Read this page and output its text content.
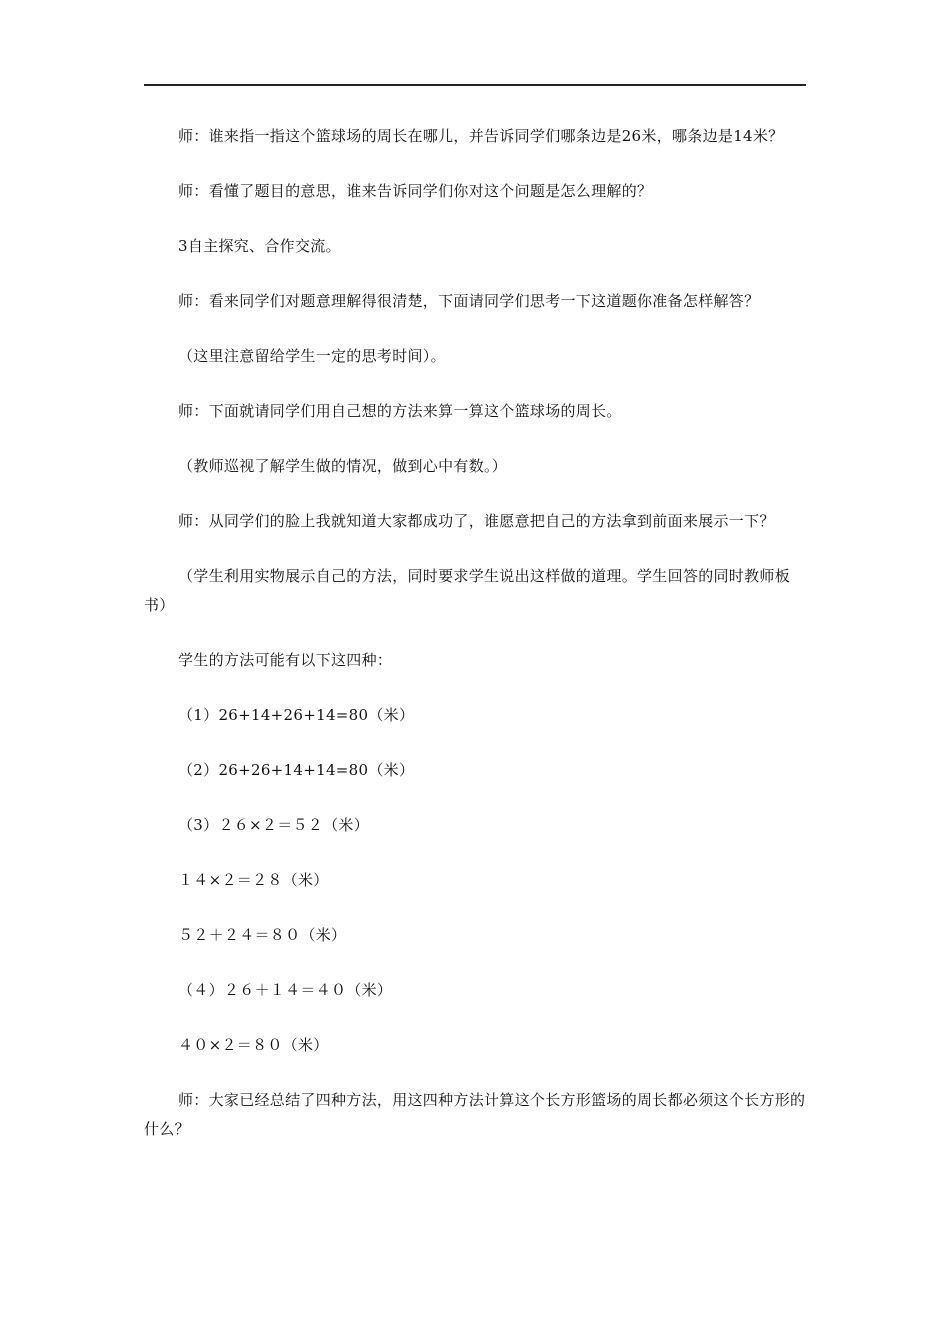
师：谁来指一指这个篮球场的周长在哪儿，并告诉同学们哪条边是26米，哪条边是14米？

师：看懂了题目的意思，谁来告诉同学们你对这个问题是怎么理解的？

3自主探究、合作交流。

师：看来同学们对题意理解得很清楚，下面请同学们思考一下这道题你准备怎样解答？

（这里注意留给学生一定的思考时间）。

师：下面就请同学们用自己想的方法来算一算这个篮球场的周长。

（教师巡视了解学生做的情况，做到心中有数。）

师：从同学们的脸上我就知道大家都成功了，谁愿意把自己的方法拿到前面来展示一下？

（学生利用实物展示自己的方法，同时要求学生说出这样做的道理。学生回答的同时教师板书）

学生的方法可能有以下这四种：

（1）26+14+26+14=80（米）

（2）26+26+14+14=80（米）

（3）２６×２＝５２（米）

１４×２＝２８（米）

５２＋２４＝８０（米）

（４）２６＋１４＝４０（米）

４０×２＝８０（米）

师：大家已经总结了四种方法，用这四种方法计算这个长方形篮场的周长都必须这个长方形的什么？
